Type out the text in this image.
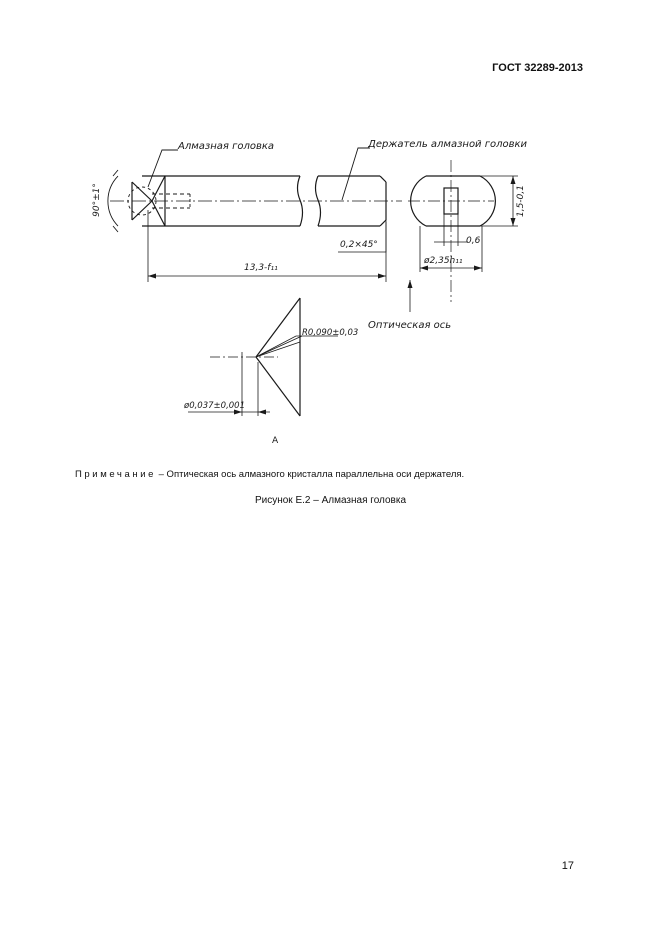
ГОСТ 32289-2013
Алмазная головка	Держатель алмазной головки
90°±1°
0,2×45°
13,3-f₁₁
1,5-0,1
0,6
ø2,35h₁₁
Оптическая ось
R0,090±0,03
ø0,037±0,001
А
Примечание – Оптическая ось алмазного кристалла параллельна оси держателя.
Рисунок Е.2 – Алмазная головка
17
